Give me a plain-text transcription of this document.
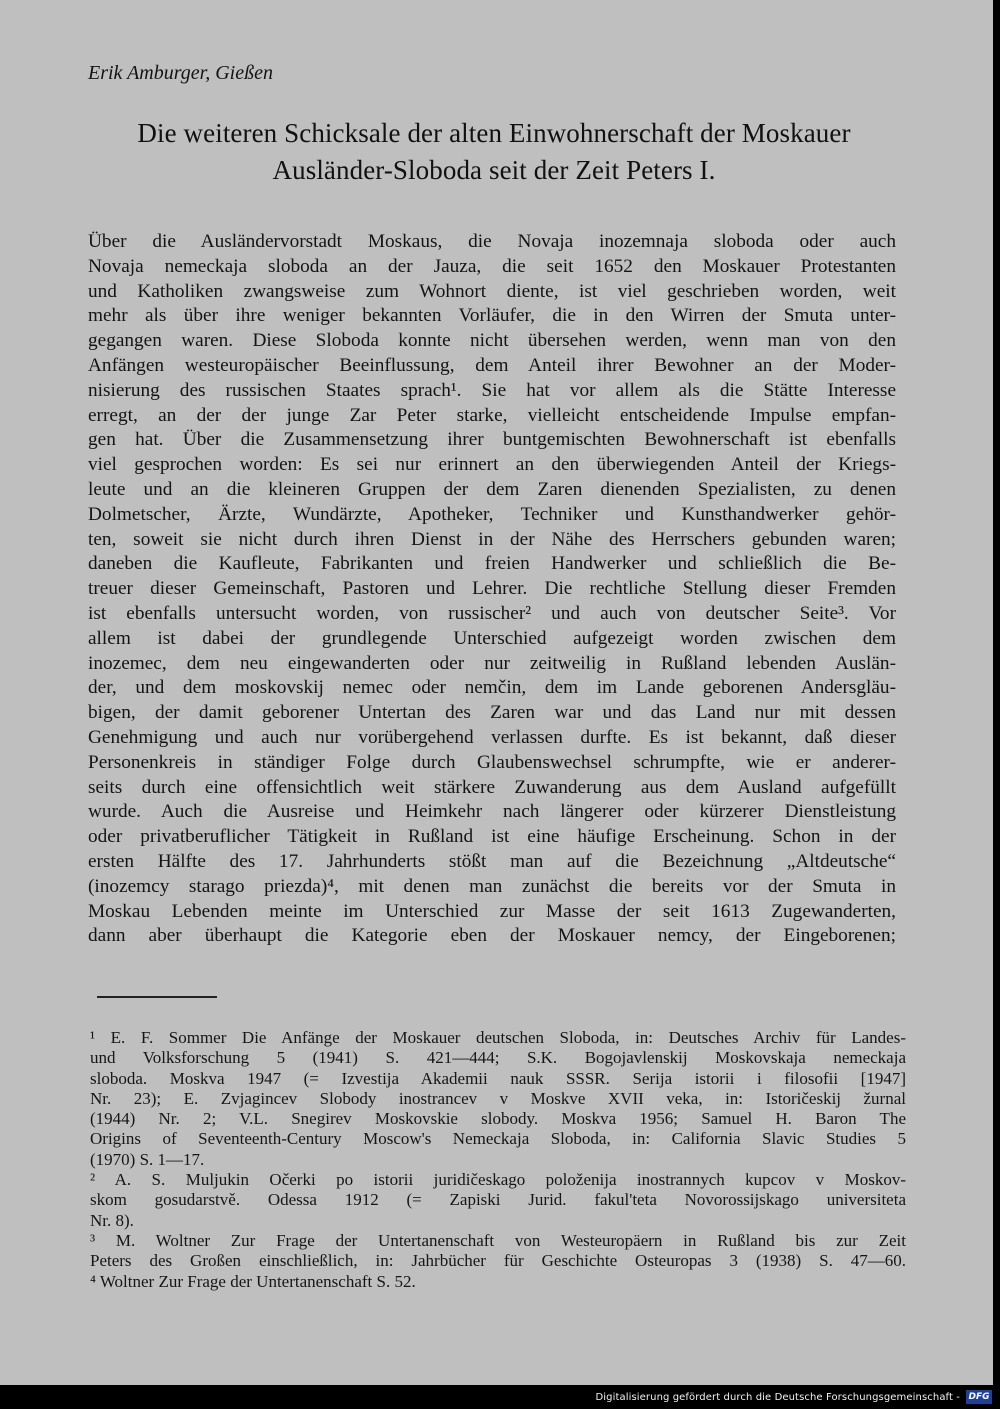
Erik Amburger, Gießen
Die weiteren Schicksale der alten Einwohnerschaft der Moskauer
Ausländer-Sloboda seit der Zeit Peters I.
Über die Ausländervorstadt Moskaus, die Novaja inozemnaja sloboda oder auch
Novaja nemeckaja sloboda an der Jauza, die seit 1652 den Moskauer Protestanten
und Katholiken zwangsweise zum Wohnort diente, ist viel geschrieben worden, weit
mehr als über ihre weniger bekannten Vorläufer, die in den Wirren der Smuta unter-
gegangen waren. Diese Sloboda konnte nicht übersehen werden, wenn man von den
Anfängen westeuropäischer Beeinflussung, dem Anteil ihrer Bewohner an der Moder-
nisierung des russischen Staates sprach¹. Sie hat vor allem als die Stätte Interesse
erregt, an der der junge Zar Peter starke, vielleicht entscheidende Impulse empfan-
gen hat. Über die Zusammensetzung ihrer buntgemischten Bewohnerschaft ist ebenfalls
viel gesprochen worden: Es sei nur erinnert an den überwiegenden Anteil der Kriegs-
leute und an die kleineren Gruppen der dem Zaren dienenden Spezialisten, zu denen
Dolmetscher, Ärzte, Wundärzte, Apotheker, Techniker und Kunsthandwerker gehör-
ten, soweit sie nicht durch ihren Dienst in der Nähe des Herrschers gebunden waren;
daneben die Kaufleute, Fabrikanten und freien Handwerker und schließlich die Be-
treuer dieser Gemeinschaft, Pastoren und Lehrer. Die rechtliche Stellung dieser Fremden
ist ebenfalls untersucht worden, von russischer² und auch von deutscher Seite³. Vor
allem ist dabei der grundlegende Unterschied aufgezeigt worden zwischen dem
inozemec, dem neu eingewanderten oder nur zeitweilig in Rußland lebenden Auslän-
der, und dem moskovskij nemec oder nemčin, dem im Lande geborenen Andersgläu-
bigen, der damit geborener Untertan des Zaren war und das Land nur mit dessen
Genehmigung und auch nur vorübergehend verlassen durfte. Es ist bekannt, daß dieser
Personenkreis in ständiger Folge durch Glaubenswechsel schrumpfte, wie er anderer-
seits durch eine offensichtlich weit stärkere Zuwanderung aus dem Ausland aufgefüllt
wurde. Auch die Ausreise und Heimkehr nach längerer oder kürzerer Dienstleistung
oder privatberuflicher Tätigkeit in Rußland ist eine häufige Erscheinung. Schon in der
ersten Hälfte des 17. Jahrhunderts stößt man auf die Bezeichnung „Altdeutsche“
(inozemcy starago priezda)⁴, mit denen man zunächst die bereits vor der Smuta in
Moskau Lebenden meinte im Unterschied zur Masse der seit 1613 Zugewanderten,
dann aber überhaupt die Kategorie eben der Moskauer nemcy, der Eingeborenen;
¹ E. F. Sommer Die Anfänge der Moskauer deutschen Sloboda, in: Deutsches Archiv für Landes-
und Volksforschung 5 (1941) S. 421—444; S.K. Bogojavlenskij Moskovskaja nemeckaja
sloboda. Moskva 1947 (= Izvestija Akademii nauk SSSR. Serija istorii i filosofii [1947]
Nr. 23); E. Zvjagincev Slobody inostrancev v Moskve XVII veka, in: Istoričeskij žurnal
(1944) Nr. 2; V.L. Snegirev Moskovskie slobody. Moskva 1956; Samuel H. Baron The
Origins of Seventeenth-Century Moscow's Nemeckaja Sloboda, in: California Slavic Studies 5
(1970) S. 1—17.
² A. S. Muljukin Očerki po istorii juridičeskago položenija inostrannych kupcov v Moskov-
skom gosudarstvě. Odessa 1912 (= Zapiski Jurid. fakul'teta Novorossijskago universiteta
Nr. 8).
³ M. Woltner Zur Frage der Untertanenschaft von Westeuropäern in Rußland bis zur Zeit
Peters des Großen einschließlich, in: Jahrbücher für Geschichte Osteuropas 3 (1938) S. 47—60.
⁴ Woltner Zur Frage der Untertanenschaft S. 52.
Digitalisierung gefördert durch die Deutsche Forschungsgemeinschaft - DFG
